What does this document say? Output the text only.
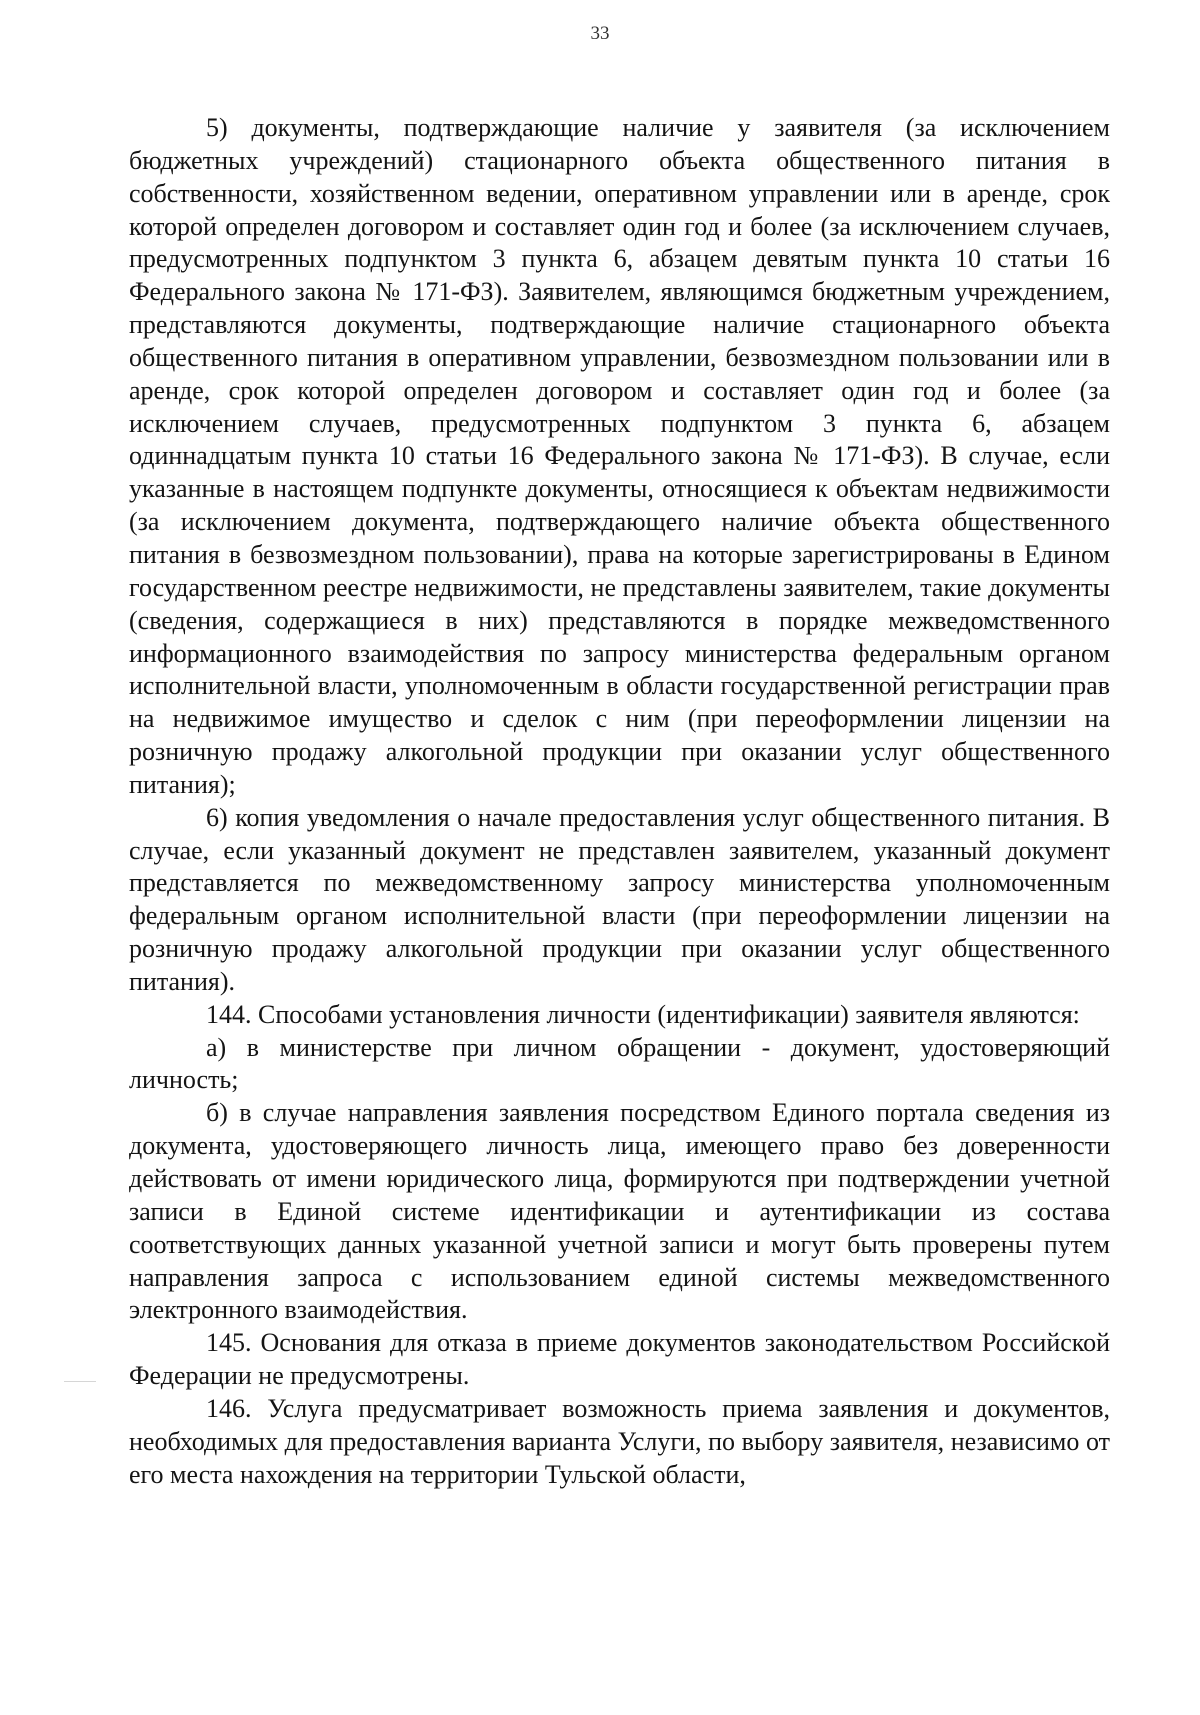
33

5) документы, подтверждающие наличие у заявителя (за исключением бюджетных учреждений) стационарного объекта общественного питания в собственности, хозяйственном ведении, оперативном управлении или в аренде, срок которой определен договором и составляет один год и более (за исключением случаев, предусмотренных подпунктом 3 пункта 6, абзацем девятым пункта 10 статьи 16 Федерального закона № 171-ФЗ). Заявителем, являющимся бюджетным учреждением, представляются документы, подтверждающие наличие стационарного объекта общественного питания в оперативном управлении, безвозмездном пользовании или в аренде, срок которой определен договором и составляет один год и более (за исключением случаев, предусмотренных подпунктом 3 пункта 6, абзацем одиннадцатым пункта 10 статьи 16 Федерального закона № 171-ФЗ). В случае, если указанные в настоящем подпункте документы, относящиеся к объектам недвижимости (за исключением документа, подтверждающего наличие объекта общественного питания в безвозмездном пользовании), права на которые зарегистрированы в Едином государственном реестре недвижимости, не представлены заявителем, такие документы (сведения, содержащиеся в них) представляются в порядке межведомственного информационного взаимодействия по запросу министерства федеральным органом исполнительной власти, уполномоченным в области государственной регистрации прав на недвижимое имущество и сделок с ним (при переоформлении лицензии на розничную продажу алкогольной продукции при оказании услуг общественного питания);

6) копия уведомления о начале предоставления услуг общественного питания. В случае, если указанный документ не представлен заявителем, указанный документ представляется по межведомственному запросу министерства уполномоченным федеральным органом исполнительной власти (при переоформлении лицензии на розничную продажу алкогольной продукции при оказании услуг общественного питания).

144. Способами установления личности (идентификации) заявителя являются:

а) в министерстве при личном обращении - документ, удостоверяющий личность;

б) в случае направления заявления посредством Единого портала сведения из документа, удостоверяющего личность лица, имеющего право без доверенности действовать от имени юридического лица, формируются при подтверждении учетной записи в Единой системе идентификации и аутентификации из состава соответствующих данных указанной учетной записи и могут быть проверены путем направления запроса с использованием единой системы межведомственного электронного взаимодействия.

145. Основания для отказа в приеме документов законодательством Российской Федерации не предусмотрены.

146. Услуга предусматривает возможность приема заявления и документов, необходимых для предоставления варианта Услуги, по выбору заявителя, независимо от его места нахождения на территории Тульской области,
